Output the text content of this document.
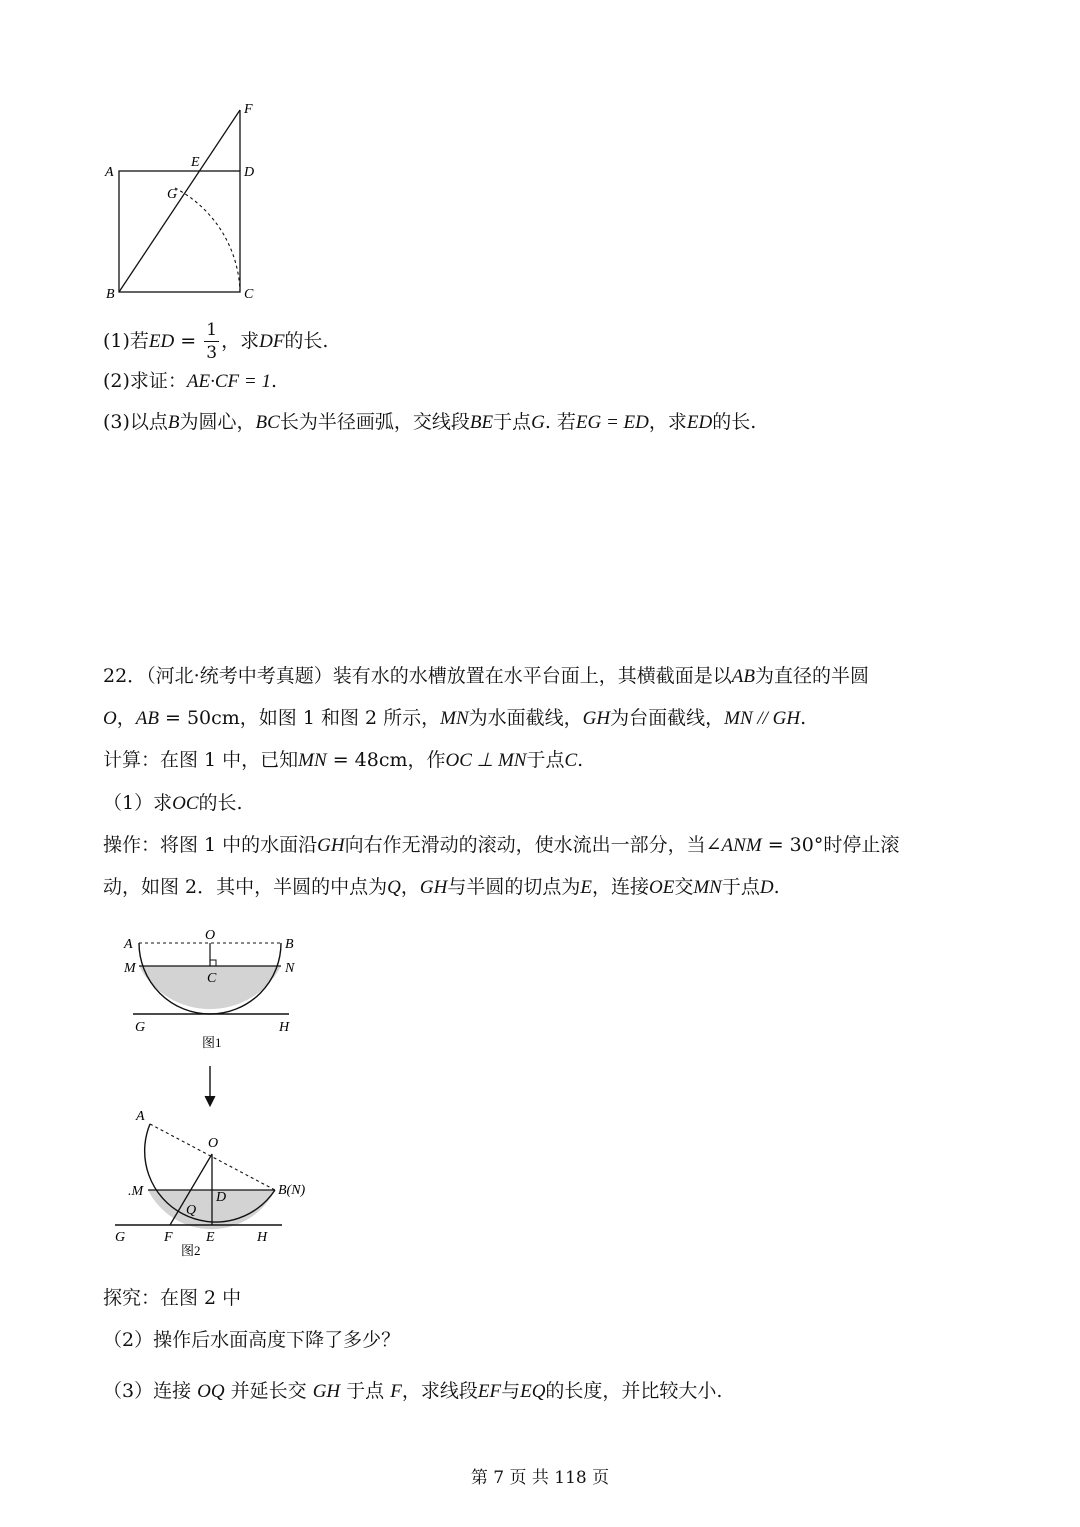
A
B	C
D
E
F
G
(1)若ED = $\frac{1}{3}$ ，求DF的长.
(2)求证：AE·CF = 1.
(3)以点B为圆心，BC长为半径画弧，交线段BE于点G. 若EG = ED，求ED的长.
22．（河北·统考中考真题）装有水的水槽放置在水平台面上，其横截面是以AB为直径的半圆
O，AB = 50cm，如图 1 和图 2 所示，MN为水面截线，GH为台面截线，MN // GH.
计算：在图 1 中，已知MN = 48cm，作OC ⊥ MN于点C.
（1）求OC的长.
操作：将图 1 中的水面沿GH向右作无滑动的滚动，使水流出一部分，当∠ANM = 30°时停止滚
动，如图 2．其中，半圆的中点为Q，GH与半圆的切点为E，连接OE交MN于点D.
A
O
B
M	N
C
G	H
图1
A
O
.M	B(N)
D
Q
G	F E	H
图2
探究：在图 2 中
（2）操作后水面高度下降了多少？
（3）连接 OQ 并延长交 GH 于点 F，求线段EF与EQ的长度，并比较大小.
第 7 页 共 118 页
